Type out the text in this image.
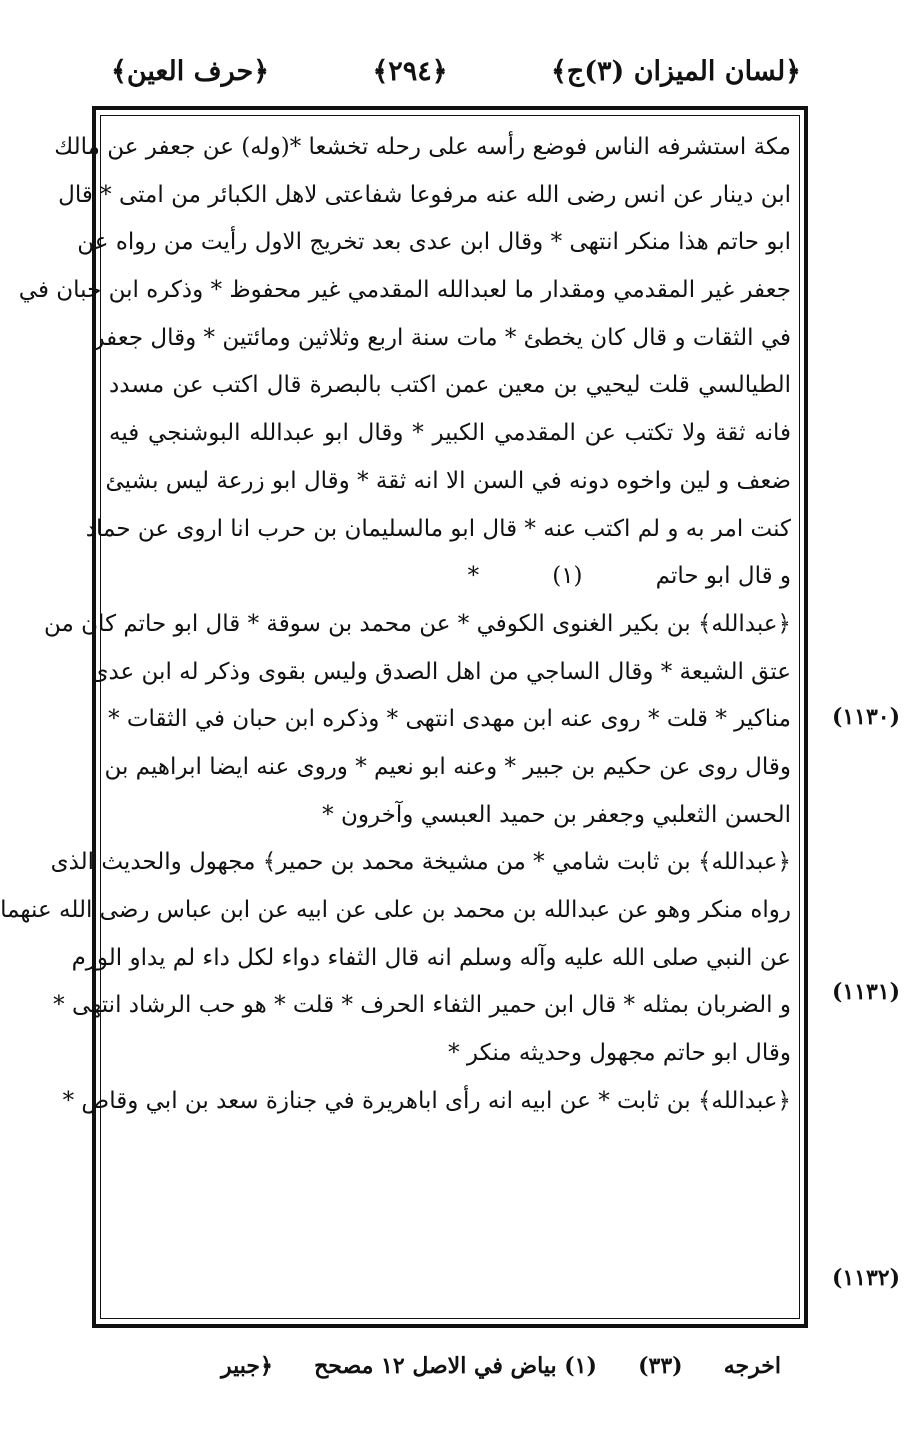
﴿لسان الميزان (٣)ج﴾
﴿٢٩٤﴾
﴿حرف العين﴾
مكة استشرفه الناس فوضع رأسه على رحله تخشعا *(وله) عن جعفر عن مالك
ابن دينار عن انس رضى الله عنه مرفوعا شفاعتى لاهل الكبائر من امتى * قال
ابو حاتم هذا منكر انتهى * وقال ابن عدى بعد تخريج الاول رأيت من رواه عن
جعفر غير المقدمي ومقدار ما لعبدالله المقدمي غير محفوظ * وذكره ابن حبان في
في الثقات و قال كان يخطئ * مات سنة اربع وثلاثين ومائتين * وقال جعفر
الطيالسي قلت ليحيي بن معين عمن اكتب بالبصرة قال اكتب عن مسدد
فانه ثقة ولا تكتب عن المقدمي الكبير * وقال ابو عبدالله البوشنجي فيه
ضعف و لين واخوه دونه في السن الا انه ثقة * وقال ابو زرعة ليس بشيئ
كنت امر به و لم اكتب عنه * قال ابو مالسليمان بن حرب انا اروى عن حماد
و قال ابو حاتم          (١)          *
﴿عبدالله﴾ بن بكير الغنوى الكوفي * عن محمد بن سوقة * قال ابو حاتم كان من
عتق الشيعة * وقال الساجي من اهل الصدق وليس بقوى وذكر له ابن عدى
مناكير * قلت * روى عنه ابن مهدى انتهى * وذكره ابن حبان في الثقات *
وقال روى عن حكيم بن جبير * وعنه ابو نعيم * وروى عنه ايضا ابراهيم بن
الحسن الثعلبي وجعفر بن حميد العبسي وآخرون *
﴿عبدالله﴾ بن ثابت شامي * من مشيخة محمد بن حمير﴾ مجهول والحديث الذى
رواه منكر وهو عن عبدالله بن محمد بن على عن ابيه عن ابن عباس رضى الله عنهما
عن النبي صلى الله عليه وآله وسلم انه قال الثفاء دواء لكل داء لم يداو الورم
و الضربان بمثله * قال ابن حمير الثفاء الحرف * قلت * هو حب الرشاد انتهى *
وقال ابو حاتم مجهول وحديثه منكر *
﴿عبدالله﴾ بن ثابت * عن ابيه انه رأى اباهريرة في جنازة سعد بن ابي وقاص *
(١١٣٠)
(١١٣١)
(١١٣٢)
اخرجه
(٣٣)
(١) بياض في الاصل ١٢ مصحح
﴿جبير
